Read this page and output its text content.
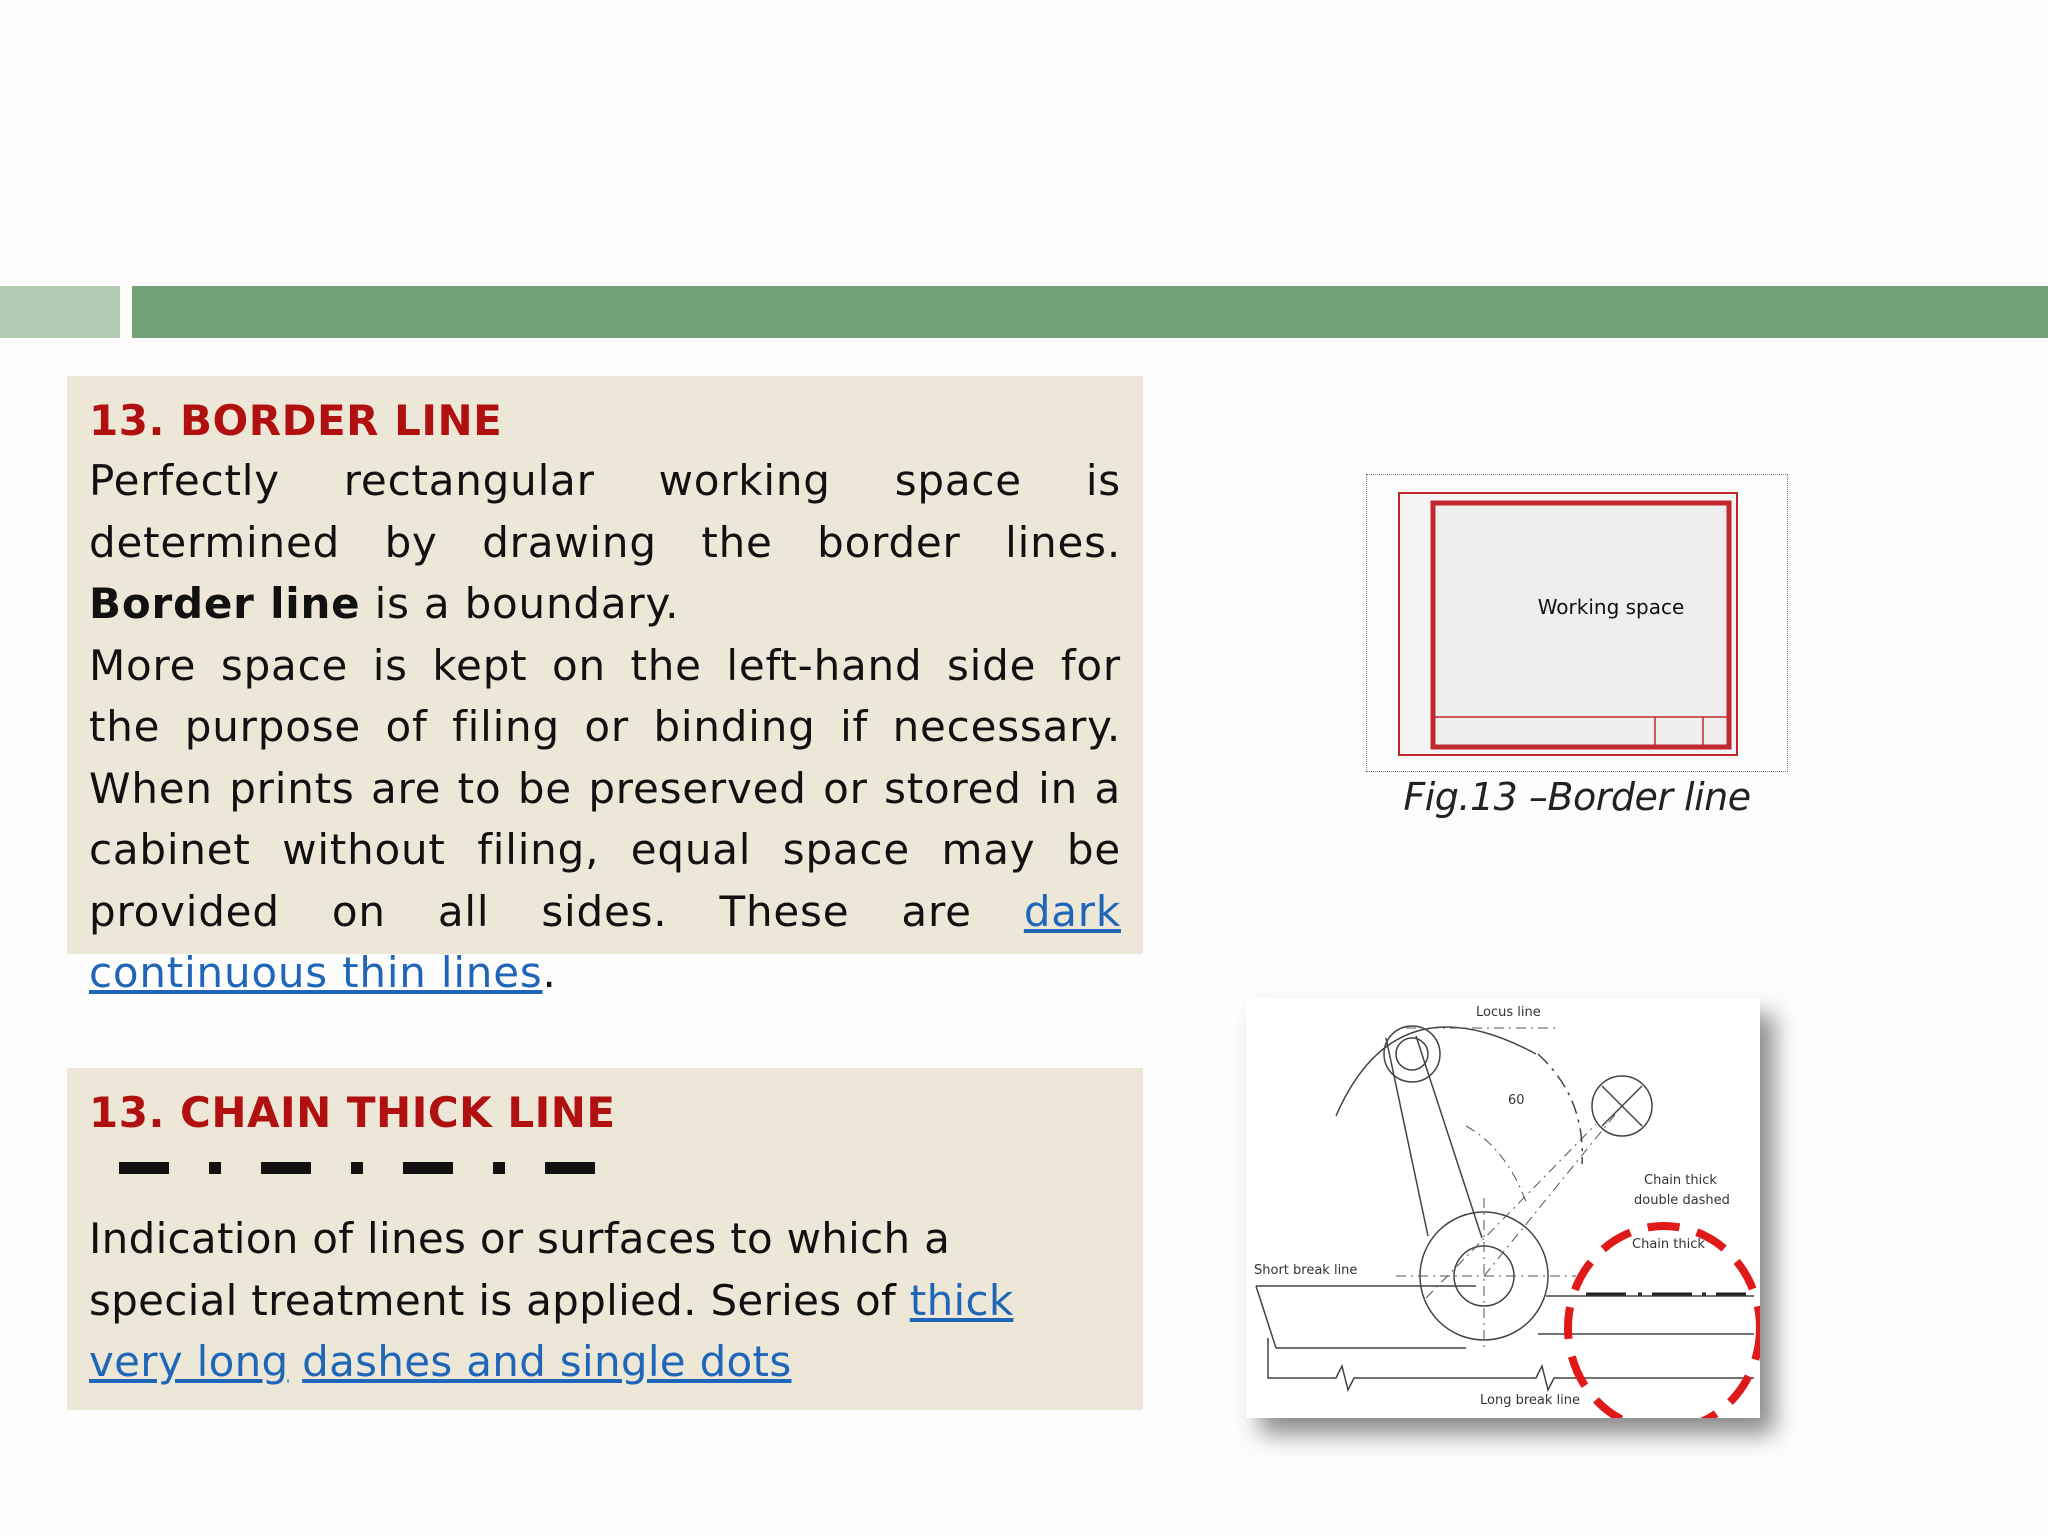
13. BORDER LINE
Perfectly rectangular working space is determined by drawing the border lines. Border line is a boundary.
More space is kept on the left-hand side for the purpose of filing or binding if necessary. When prints are to be preserved or stored in a cabinet without filing, equal space may be provided on all sides. These are dark continuous thin lines.
13. CHAIN THICK LINE
Indication of lines or surfaces to which a special treatment is applied. Series of thick very long dashes and single dots
Working space
Fig.13 –Border line
Locus line
60
Chain thick
double dashed
Chain thick
Short break line
Long break line
